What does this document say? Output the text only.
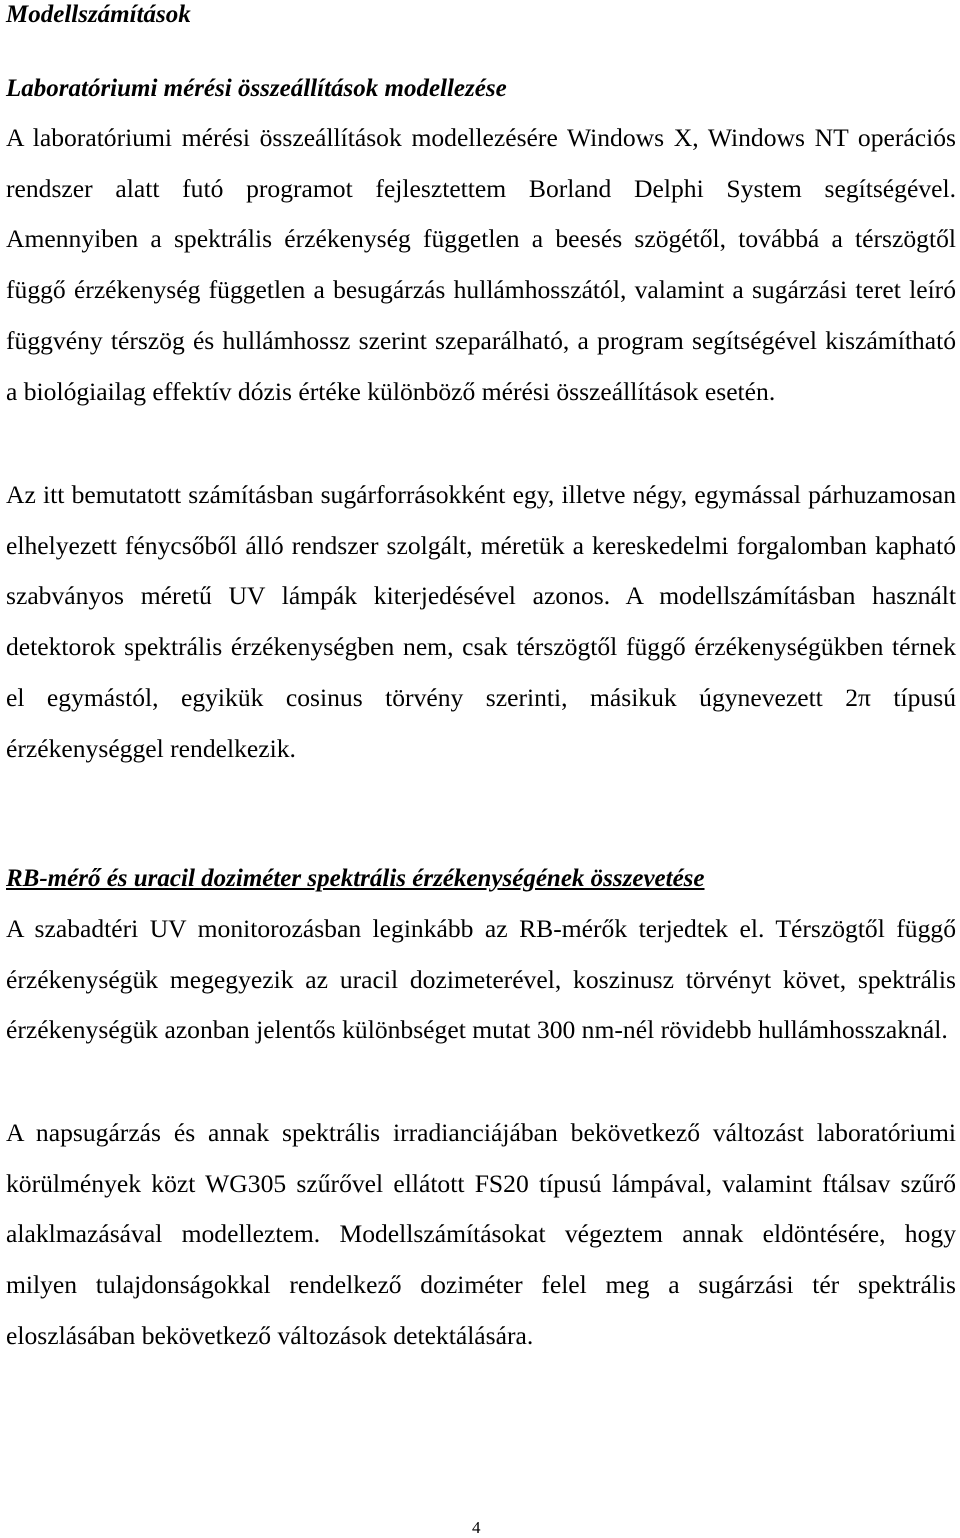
Modellszámítások
Laboratóriumi mérési összeállítások modellezése

A laboratóriumi mérési összeállítások modellezésére Windows X, Windows NT operációs rendszer alatt futó programot fejlesztettem Borland Delphi System segítségével. Amennyiben a spektrális érzékenység független a beesés szögétől, továbbá a térszögtől függő érzékenység független a besugárzás hullámhosszától, valamint a sugárzási teret leíró függvény térszög és hullámhossz szerint szeparálható, a program segítségével kiszámítható a biológiailag effektív dózis értéke különböző mérési összeállítások esetén.

Az itt bemutatott számításban sugárforrásokként egy, illetve négy, egymással párhuzamosan elhelyezett fénycsőből álló rendszer szolgált, méretük a kereskedelmi forgalomban kapható szabványos méretű UV lámpák kiterjedésével azonos. A modellszámításban használt detektorok spektrális érzékenységben nem, csak térszögtől függő érzékenységükben térnek el egymástól, egyikük cosinus törvény szerinti, másikuk úgynevezett 2π típusú érzékenységgel rendelkezik.

RB-mérő és uracil doziméter spektrális érzékenységének összevetése

A szabadtéri UV monitorozásban leginkább az RB-mérők terjedtek el. Térszögtől függő érzékenységük megegyezik az uracil dozimeterével, koszinusz törvényt követ, spektrális érzékenységük azonban jelentős különbséget mutat 300 nm-nél rövidebb hullámhosszaknál.

A napsugárzás és annak spektrális irradianciájában bekövetkező változást laboratóriumi körülmények közt WG305 szűrővel ellátott FS20 típusú lámpával, valamint ftálsav szűrő alaklmazásával modelleztem. Modellszámításokat végeztem annak eldöntésére, hogy milyen tulajdonságokkal rendelkező doziméter felel meg a sugárzási tér spektrális eloszlásában bekövetkező változások detektálására.

4
